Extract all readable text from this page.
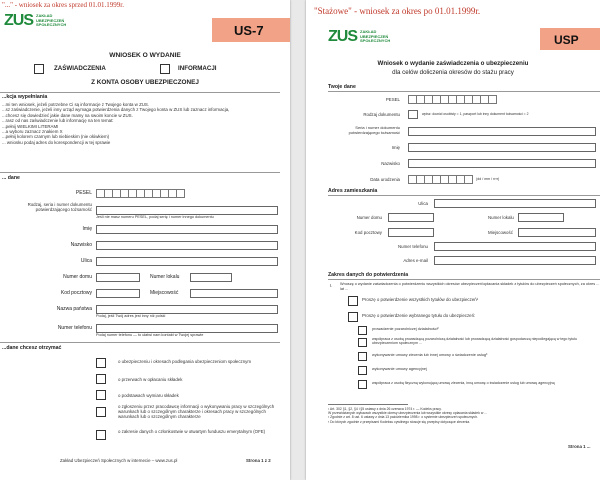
"..." - wniosek za okres sprzed 01.01.1999r.
ZUS ZAKŁAD
UBEZPIECZEŃ
SPOŁECZNYCH	US-7
WNIOSEK O WYDANIE
ZAŚWIADCZENIA	INFORMACJI
Z KONTA OSOBY UBEZPIECZONEJ
...kcja wypełniania
...mi ten wniosek, jeżeli potrzebne Ci są informacje z Twojego konta w ZUS.
...sz zaświadczenie, jeżeli inny urząd wymaga potwierdzenia danych z Twojego konta w ZUS lub zaznacz informacja,
...chcesz się dowiedzieć jakie dane mamy na swoim koncie w ZUS.
...rasz od nas zaświadczenie lub informację na ten temat:
...pełnij WIELKIMI LITERAMI
...a wyboru zaznacz znakiem X
...pełnij kolorem czarnym lub niebieskim (nie ołówkiem)
... wniosku podaj adres do korespondencji w tej sprawie
... dane
PESEL
Rodzaj, seria i numer dokumentu potwierdzającego tożsamość
Jeśli nie masz numeru PESEL, podaj serię i numer innego dokumentu
Imię
Nazwisko
Ulica
Numer domu	Numer lokalu
Kod pocztowy	Miejscowość
Nazwa państwa
Podaj, jeśli Twój adres jest inny niż polski
Numer telefonu
Podaj numer telefonu — to ułatwi nam kontakt w Twojej sprawie
...dane chcesz otrzymać
o ubezpieczeniu i okresach podlegania ubezpieczeniom społecznym
o przerwach w opłacaniu składek
o podstawach wymiaru składek
o zgłoszeniu przez pracodawcę informacji o wykonywaniu pracy w szczególnych warunkach lub o szczególnym charakterze i okresach pracy w szczególnych warunkach lub o szczególnym charakterze
o zakresie danych o członkostwie w otwartym funduszu emerytalnym (OFE)
Zakład Ubezpieczeń Społecznych w internecie – www.zus.pl	Strona 1 z 2
"Stażowe" - wniosek za okres po 01.01.1999r.
ZUS ZAKŁAD
UBEZPIECZEŃ
SPOŁECZNYCH	USP
Wniosek o wydanie zaświadczenia o ubezpieczeniu
dla celów doliczenia okresów do stażu pracy
Twoje dane
PESEL
Rodzaj dokumentu	wpisz: dowód osobisty = 1, paszport lub inny dokument tożsamości = 2
Seria i numer dokumentu potwierdzającego tożsamość
Imię
Nazwisko
Data urodzenia	(dd / mm / rrrr)
Adres zamieszkania
Ulica
Numer domu	Numer lokalu
Kod pocztowy	Miejscowość
Numer telefonu
Adres e-mail
Zakres danych do potwierdzenia
I. Wnoszę o wydanie zaświadczenia o potwierdzeniu wszystkich okresów ubezpieczeń/opłacania składek z tytułów do ubezpieczeń społecznych, za okres ... lat ...
Proszę o potwierdzenie wszystkich tytułów do ubezpieczeń¹
Proszę o potwierdzenie wybranego tytułu do ubezpieczeń:
prowadzenie pozarolniczej działalności²
współpraca z osobą prowadzącą pozarolniczą działalność lub prowadzącą działalność gospodarczą niepodlegającą w tego tytułu ubezpieczeniom społecznym ...
wykonywanie umowy zlecenia lub innej umowy o świadczenie usług³
wykonywanie umowy agencyjnej
współpraca z osobą fizyczną wykonującą umowę zlecenia, inną umowę o świadczenie usług lub umowę agencyjną
¹ Art. 302 §1, §2, §4 i §5 ustawy z dnia 26 czerwca 1974 r. — Kodeks pracy.
W przewidzianych wykazach wszystkie okresy ubezpieczenia lub wszystkie okresy opłacania składek w ...
² Zgodnie z art. 8 ust. 6 ustawy z dnia 13 października 1998 r. o systemie ubezpieczeń społecznych.
³ Do których zgodnie z przepisami Kodeksu cywilnego stosuje się przepisy dotyczące zlecenia.
Strona 1 ...
